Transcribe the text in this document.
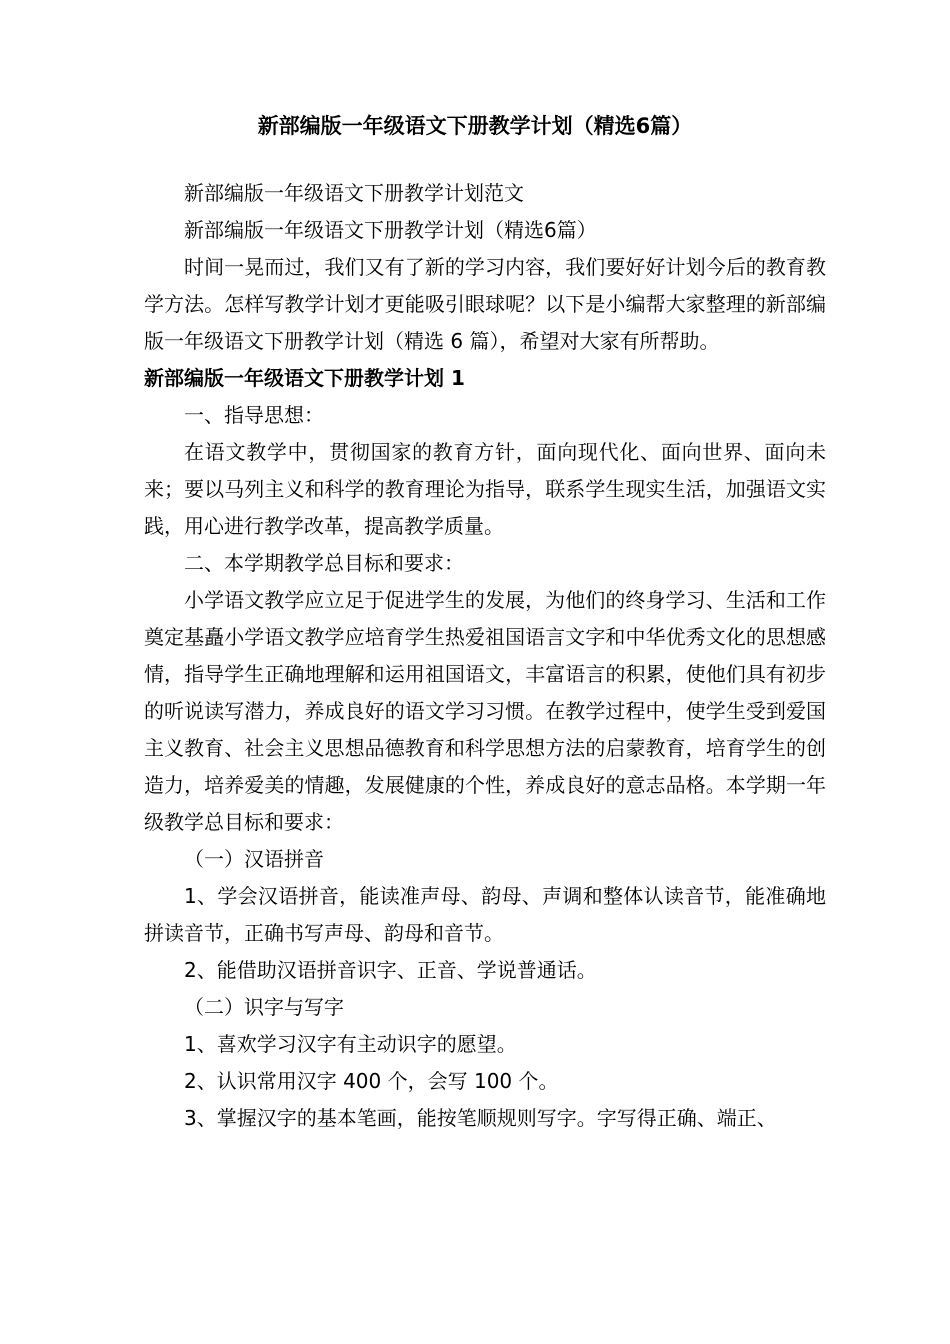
新部编版一年级语文下册教学计划（精选6篇）

新部编版一年级语文下册教学计划范文

新部编版一年级语文下册教学计划（精选6篇）

时间一晃而过，我们又有了新的学习内容，我们要好好计划今后的教育教学方法。怎样写教学计划才更能吸引眼球呢？以下是小编帮大家整理的新部编版一年级语文下册教学计划（精选 6 篇），希望对大家有所帮助。

新部编版一年级语文下册教学计划 1

一、指导思想：

在语文教学中，贯彻国家的教育方针，面向现代化、面向世界、面向未来；要以马列主义和科学的教育理论为指导，联系学生现实生活，加强语文实践，用心进行教学改革，提高教学质量。

二、本学期教学总目标和要求：

小学语文教学应立足于促进学生的发展，为他们的终身学习、生活和工作奠定基矗小学语文教学应培育学生热爱祖国语言文字和中华优秀文化的思想感情，指导学生正确地理解和运用祖国语文，丰富语言的积累，使他们具有初步的听说读写潜力，养成良好的语文学习习惯。在教学过程中，使学生受到爱国主义教育、社会主义思想品德教育和科学思想方法的启蒙教育，培育学生的创造力，培养爱美的情趣，发展健康的个性，养成良好的意志品格。本学期一年级教学总目标和要求：

（一）汉语拼音

1、学会汉语拼音，能读准声母、韵母、声调和整体认读音节，能准确地拼读音节，正确书写声母、韵母和音节。

2、能借助汉语拼音识字、正音、学说普通话。

（二）识字与写字

1、喜欢学习汉字有主动识字的愿望。

2、认识常用汉字 400 个，会写 100 个。

3、掌握汉字的基本笔画，能按笔顺规则写字。字写得正确、端正、
